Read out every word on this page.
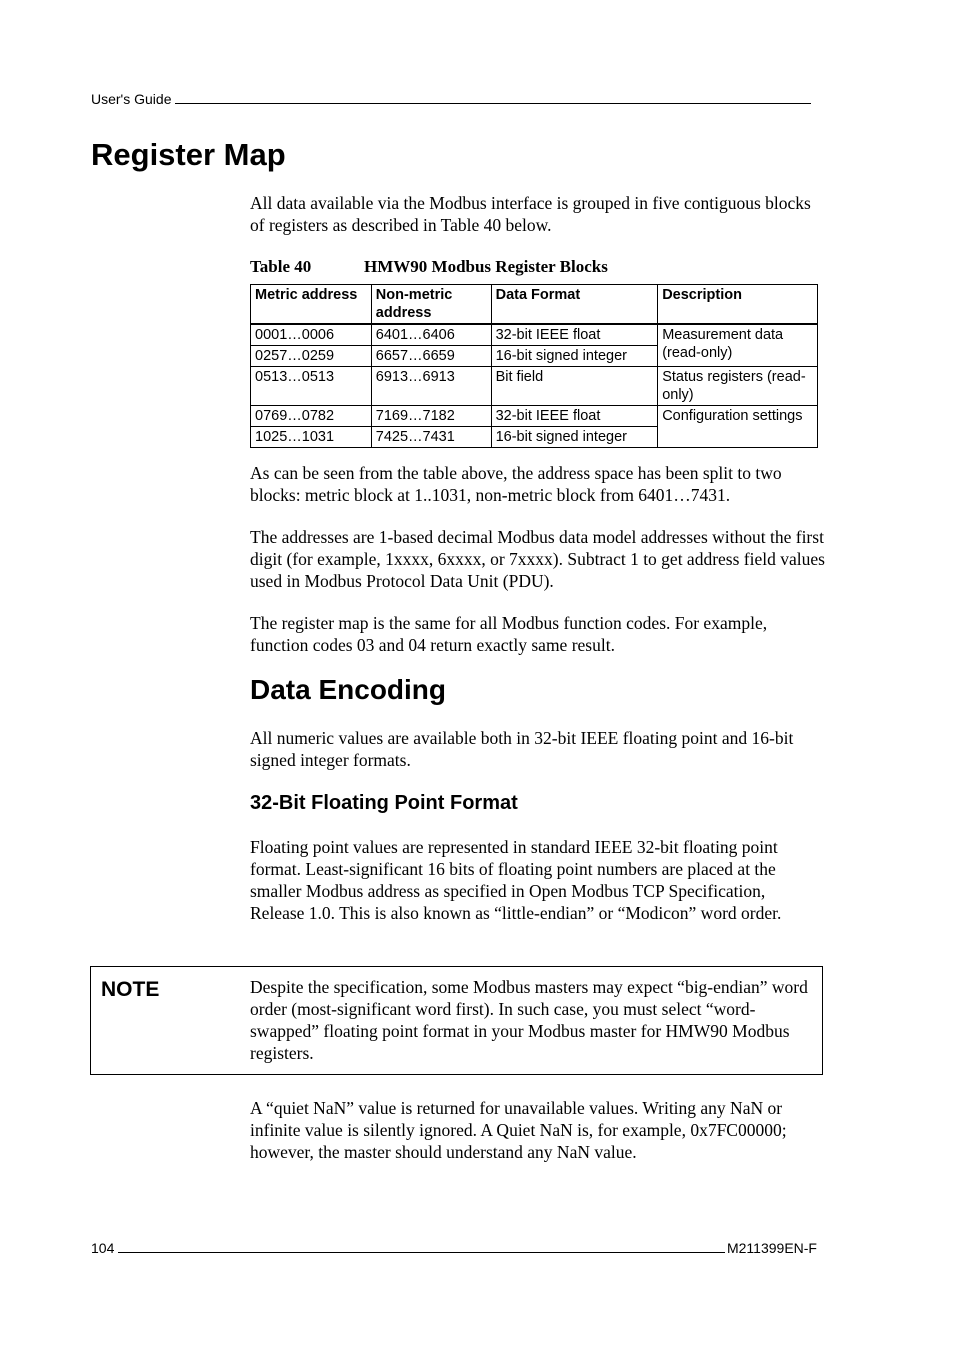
User's Guide
Register Map

All data available via the Modbus interface is grouped in five contiguous blocks of registers as described in Table 40 below.

Table 40	HMW90 Modbus Register Blocks
Metric address	Non-metric address	Data Format	Description
0001…0006	6401…6406	32-bit IEEE float	Measurement data (read-only)
0257…0259	6657…6659	16-bit signed integer	
0513…0513	6913…6913	Bit field	Status registers (read-only)
0769…0782	7169…7182	32-bit IEEE float	Configuration settings
1025…1031	7425…7431	16-bit signed integer	

As can be seen from the table above, the address space has been split to two blocks: metric block at 1..1031, non-metric block from 6401…7431.

The addresses are 1-based decimal Modbus data model addresses without the first digit (for example, 1xxxx, 6xxxx, or 7xxxx). Subtract 1 to get address field values used in Modbus Protocol Data Unit (PDU).

The register map is the same for all Modbus function codes. For example, function codes 03 and 04 return exactly same result.

Data Encoding

All numeric values are available both in 32-bit IEEE floating point and 16-bit signed integer formats.

32-Bit Floating Point Format

Floating point values are represented in standard IEEE 32-bit floating point format. Least-significant 16 bits of floating point numbers are placed at the smaller Modbus address as specified in Open Modbus TCP Specification, Release 1.0. This is also known as “little-endian” or “Modicon” word order.

NOTE	Despite the specification, some Modbus masters may expect “big-endian” word order (most-significant word first). In such case, you must select “word-swapped” floating point format in your Modbus master for HMW90 Modbus registers.

A “quiet NaN” value is returned for unavailable values. Writing any NaN or infinite value is silently ignored. A Quiet NaN is, for example, 0x7FC00000; however, the master should understand any NaN value.

104	M211399EN-F
